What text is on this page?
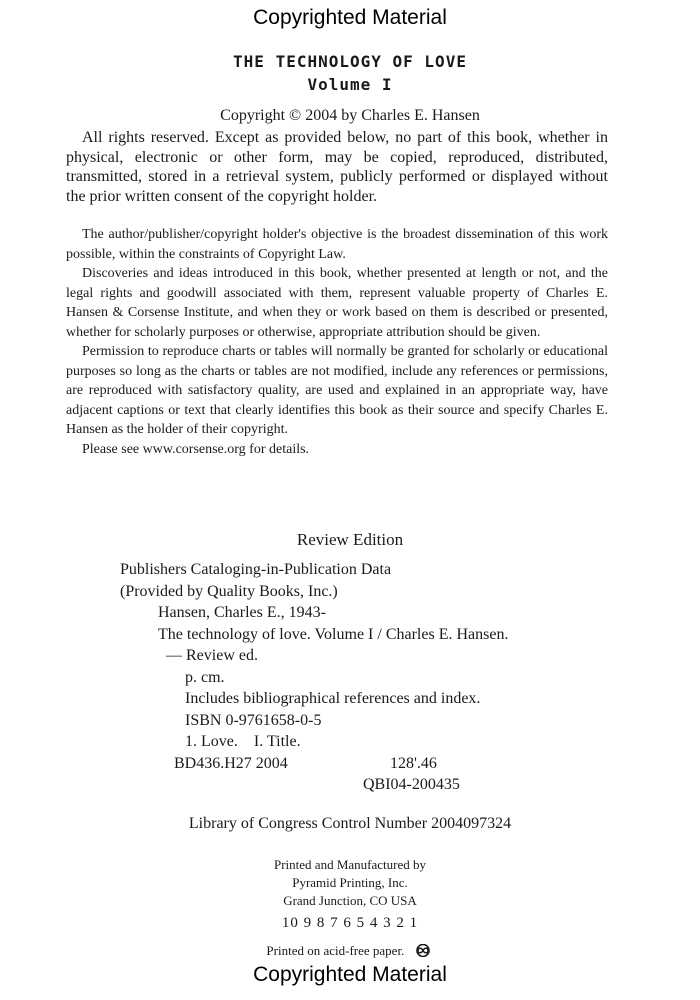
Copyrighted Material
THE TECHNOLOGY OF LOVE
Volume I
Copyright © 2004 by Charles E. Hansen
All rights reserved. Except as provided below, no part of this book, whether in physical, electronic or other form, may be copied, reproduced, distributed, transmitted, stored in a retrieval system, publicly performed or displayed without the prior written consent of the copyright holder.

The author/publisher/copyright holder's objective is the broadest dissemination of this work possible, within the constraints of Copyright Law.

Discoveries and ideas introduced in this book, whether presented at length or not, and the legal rights and goodwill associated with them, represent valuable property of Charles E. Hansen & Corsense Institute, and when they or work based on them is described or presented, whether for scholarly purposes or otherwise, appropriate attribution should be given.

Permission to reproduce charts or tables will normally be granted for scholarly or educational purposes so long as the charts or tables are not modified, include any references or permissions, are reproduced with satisfactory quality, are used and explained in an appropriate way, have adjacent captions or text that clearly identifies this book as their source and specify Charles E. Hansen as the holder of their copyright.

Please see www.corsense.org for details.

Review Edition
Publishers Cataloging-in-Publication Data
(Provided by Quality Books, Inc.)
Hansen, Charles E., 1943-
The technology of love. Volume I / Charles E. Hansen.
— Review ed.
p. cm.
Includes bibliographical references and index.
ISBN 0-9761658-0-5
1. Love.    I. Title.
BD436.H27 2004	128'.46
QBI04-200435
Library of Congress Control Number 2004097324
Printed and Manufactured by
Pyramid Printing, Inc.
Grand Junction, CO USA
10 9 8 7 6 5 4 3 2 1
Printed on acid-free paper.
Copyrighted Material
